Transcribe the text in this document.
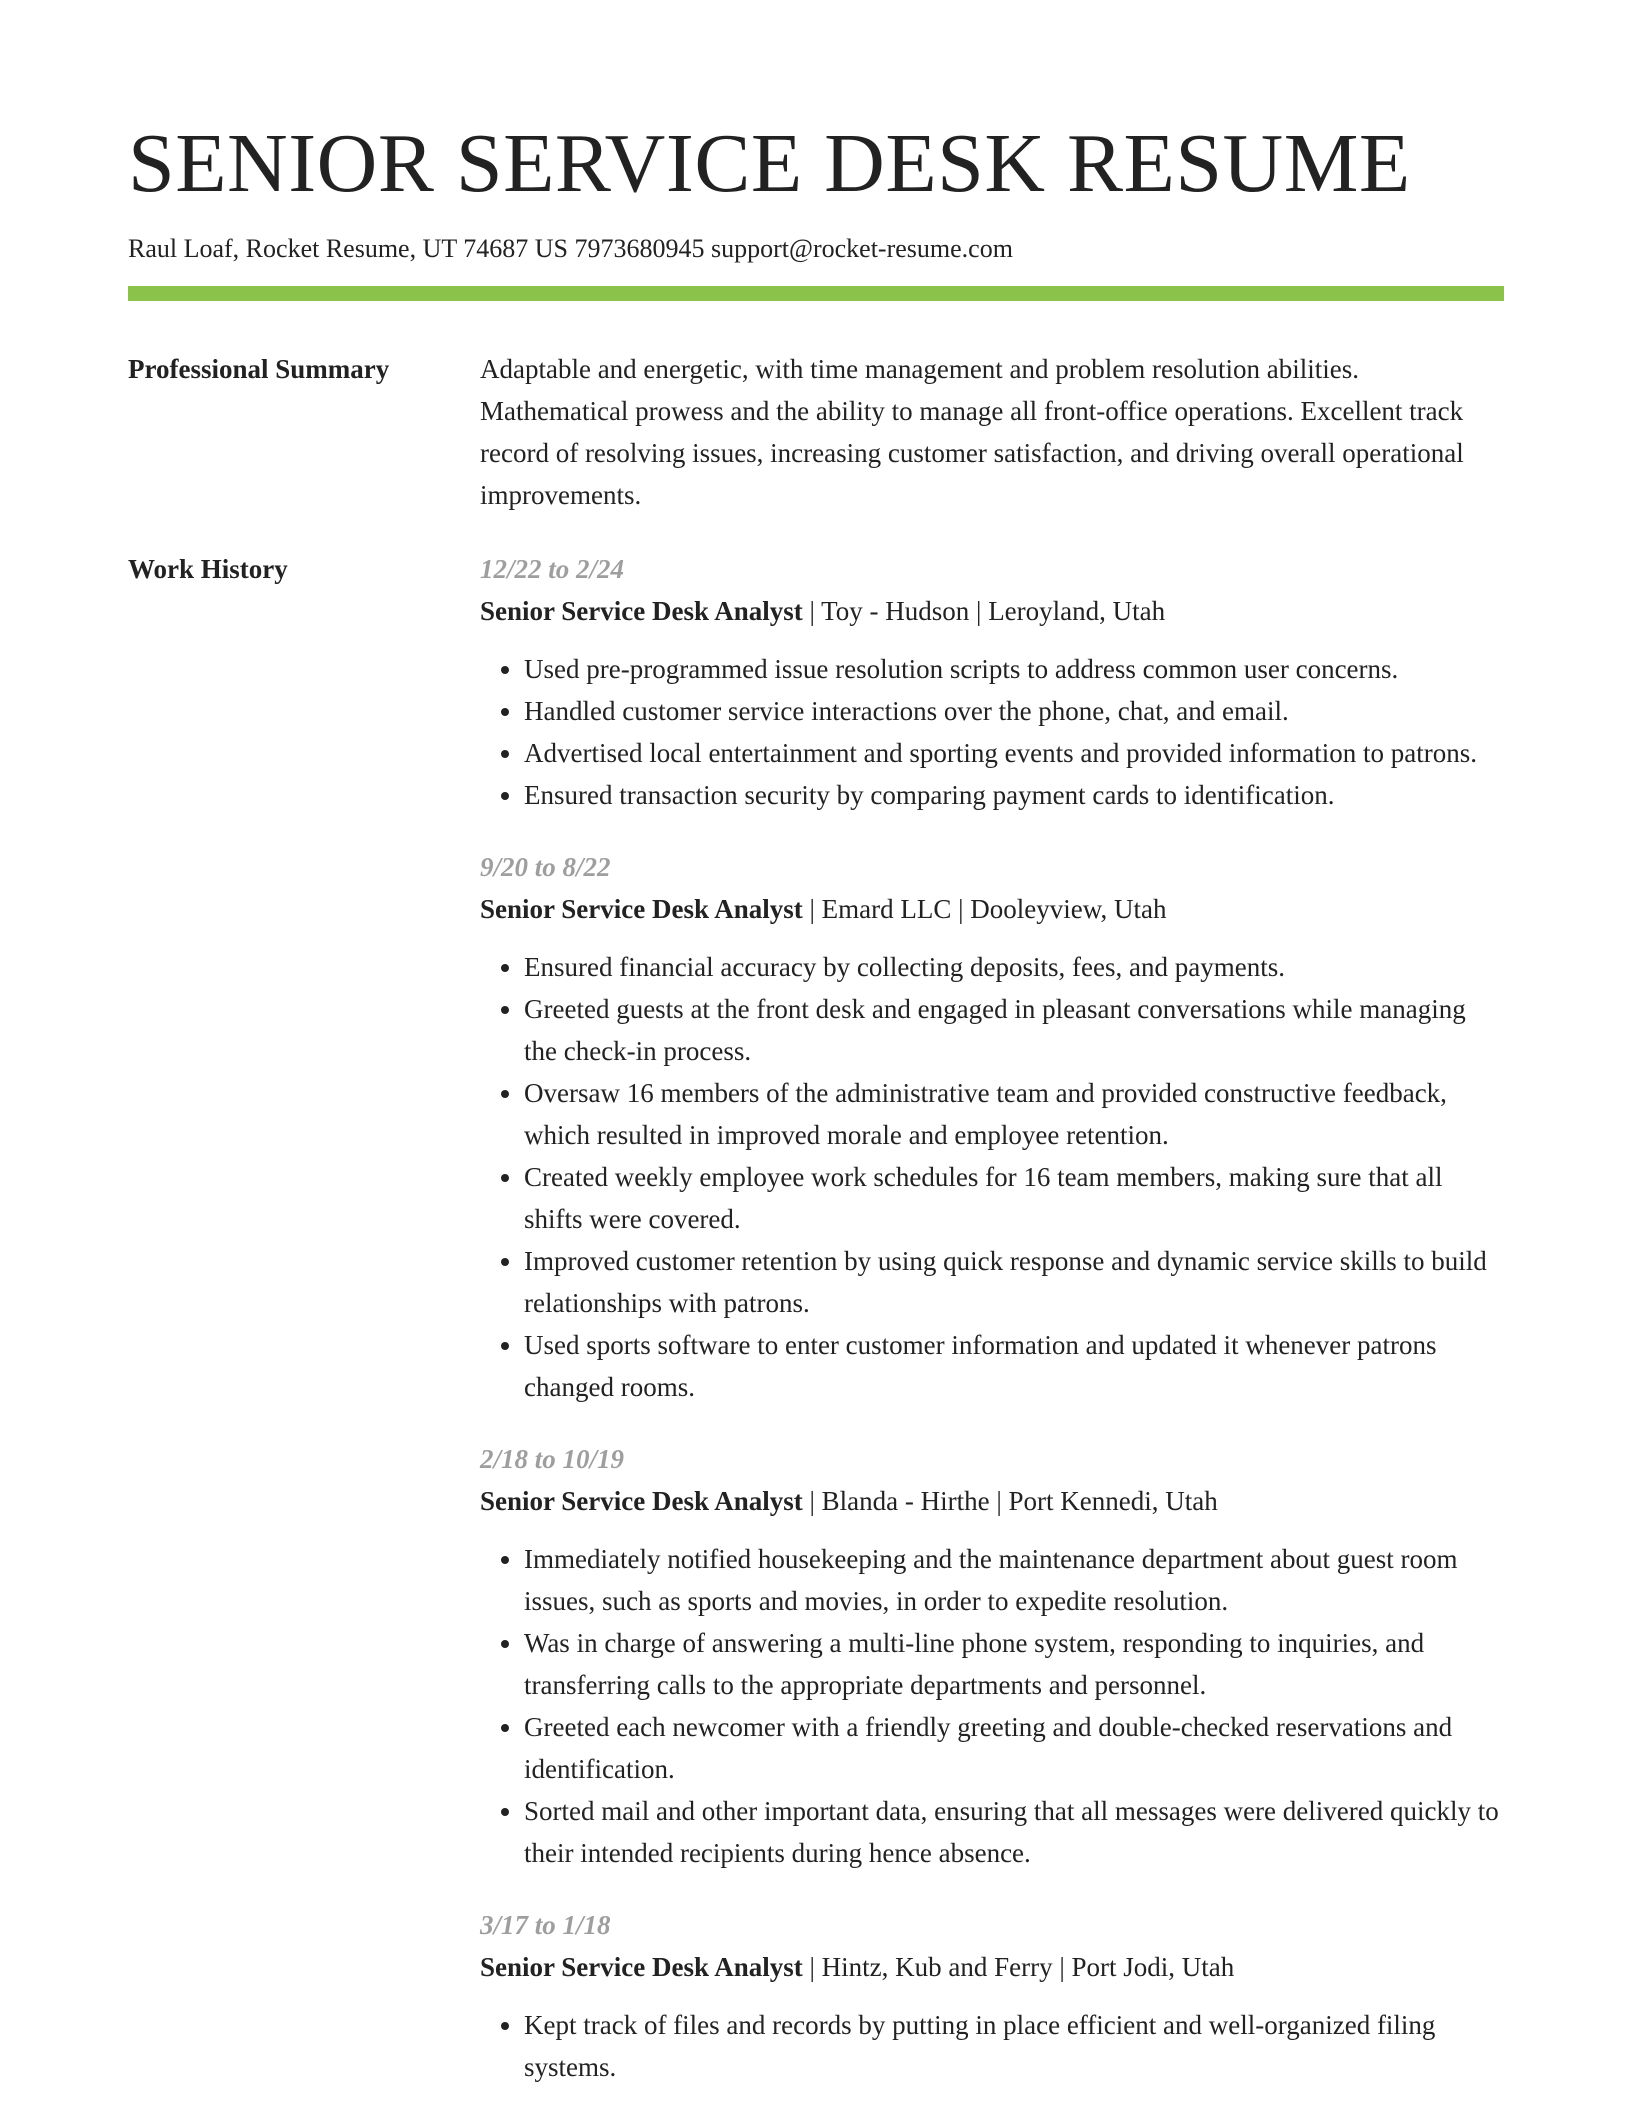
SENIOR SERVICE DESK RESUME
Raul Loaf, Rocket Resume, UT 74687 US 7973680945 support@rocket-resume.com
Professional Summary	Adaptable and energetic, with time management and problem resolution abilities. Mathematical prowess and the ability to manage all front-office operations. Excellent track record of resolving issues, increasing customer satisfaction, and driving overall operational improvements.

Work History	12/22 to 2/24
Senior Service Desk Analyst | Toy - Hudson | Leroyland, Utah
• Used pre-programmed issue resolution scripts to address common user concerns.
• Handled customer service interactions over the phone, chat, and email.
• Advertised local entertainment and sporting events and provided information to patrons.
• Ensured transaction security by comparing payment cards to identification.
9/20 to 8/22
Senior Service Desk Analyst | Emard LLC | Dooleyview, Utah
• Ensured financial accuracy by collecting deposits, fees, and payments.
• Greeted guests at the front desk and engaged in pleasant conversations while managing the check-in process.
• Oversaw 16 members of the administrative team and provided constructive feedback, which resulted in improved morale and employee retention.
• Created weekly employee work schedules for 16 team members, making sure that all shifts were covered.
• Improved customer retention by using quick response and dynamic service skills to build relationships with patrons.
• Used sports software to enter customer information and updated it whenever patrons changed rooms.
2/18 to 10/19
Senior Service Desk Analyst | Blanda - Hirthe | Port Kennedi, Utah
• Immediately notified housekeeping and the maintenance department about guest room issues, such as sports and movies, in order to expedite resolution.
• Was in charge of answering a multi-line phone system, responding to inquiries, and transferring calls to the appropriate departments and personnel.
• Greeted each newcomer with a friendly greeting and double-checked reservations and identification.
• Sorted mail and other important data, ensuring that all messages were delivered quickly to their intended recipients during hence absence.
3/17 to 1/18
Senior Service Desk Analyst | Hintz, Kub and Ferry | Port Jodi, Utah
• Kept track of files and records by putting in place efficient and well-organized filing systems.
